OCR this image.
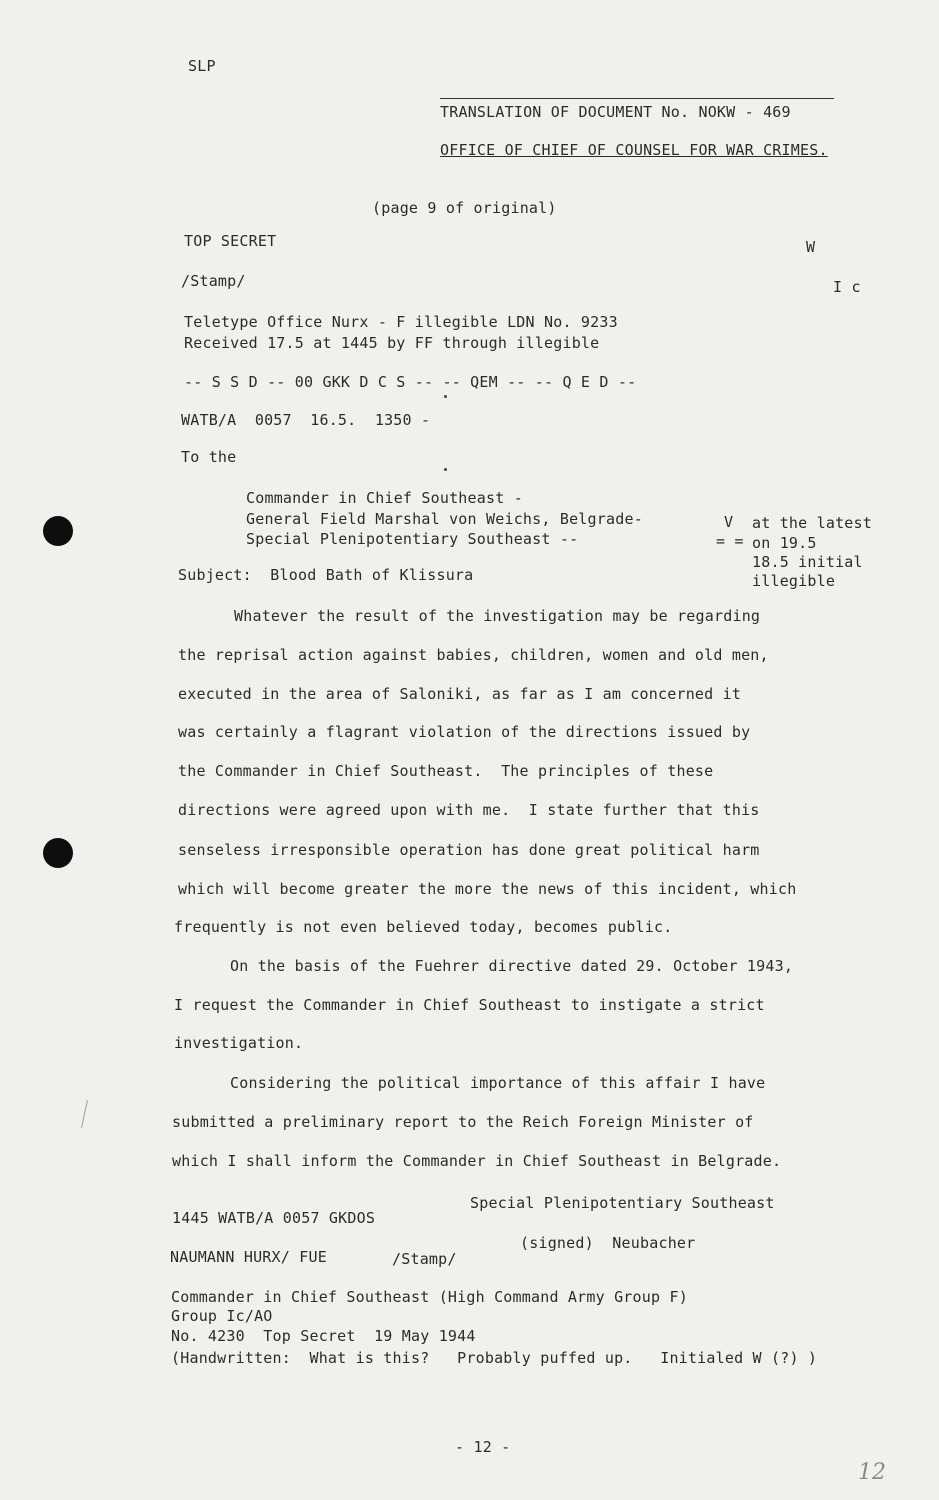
SLP
TRANSLATION OF DOCUMENT No. NOKW - 469
OFFICE OF CHIEF OF COUNSEL FOR WAR CRIMES.
(page 9 of original)
TOP SECRET	W
/Stamp/	I c
Teletype Office Nurx - F illegible LDN No. 9233
Received 17.5 at 1445 by FF through illegible
-- S S D -- 00 GKK D C S -- -- QEM -- -- Q E D --
WATB/A  0057  16.5.  1350 -
To the
Commander in Chief Southeast -
General Field Marshal von Weichs, Belgrade-
Special Plenipotentiary Southeast --
V
= =
at the latest
on 19.5
18.5 initial
illegible
Subject:  Blood Bath of Klissura
Whatever the result of the investigation may be regarding
the reprisal action against babies, children, women and old men,
executed in the area of Saloniki, as far as I am concerned it
was certainly a flagrant violation of the directions issued by
the Commander in Chief Southeast.  The principles of these
directions were agreed upon with me.  I state further that this
senseless irresponsible operation has done great political harm
which will become greater the more the news of this incident, which
frequently is not even believed today, becomes public.
On the basis of the Fuehrer directive dated 29. October 1943,
I request the Commander in Chief Southeast to instigate a strict
investigation.
Considering the political importance of this affair I have
submitted a preliminary report to the Reich Foreign Minister of
which I shall inform the Commander in Chief Southeast in Belgrade.
Special Plenipotentiary Southeast
1445 WATB/A 0057 GKDOS
(signed)  Neubacher
NAUMANN HURX/ FUE	/Stamp/
Commander in Chief Southeast (High Command Army Group F)
Group Ic/AO
No. 4230  Top Secret  19 May 1944
(Handwritten:  What is this?   Probably puffed up.   Initialed W (?) )
- 12 -
12
